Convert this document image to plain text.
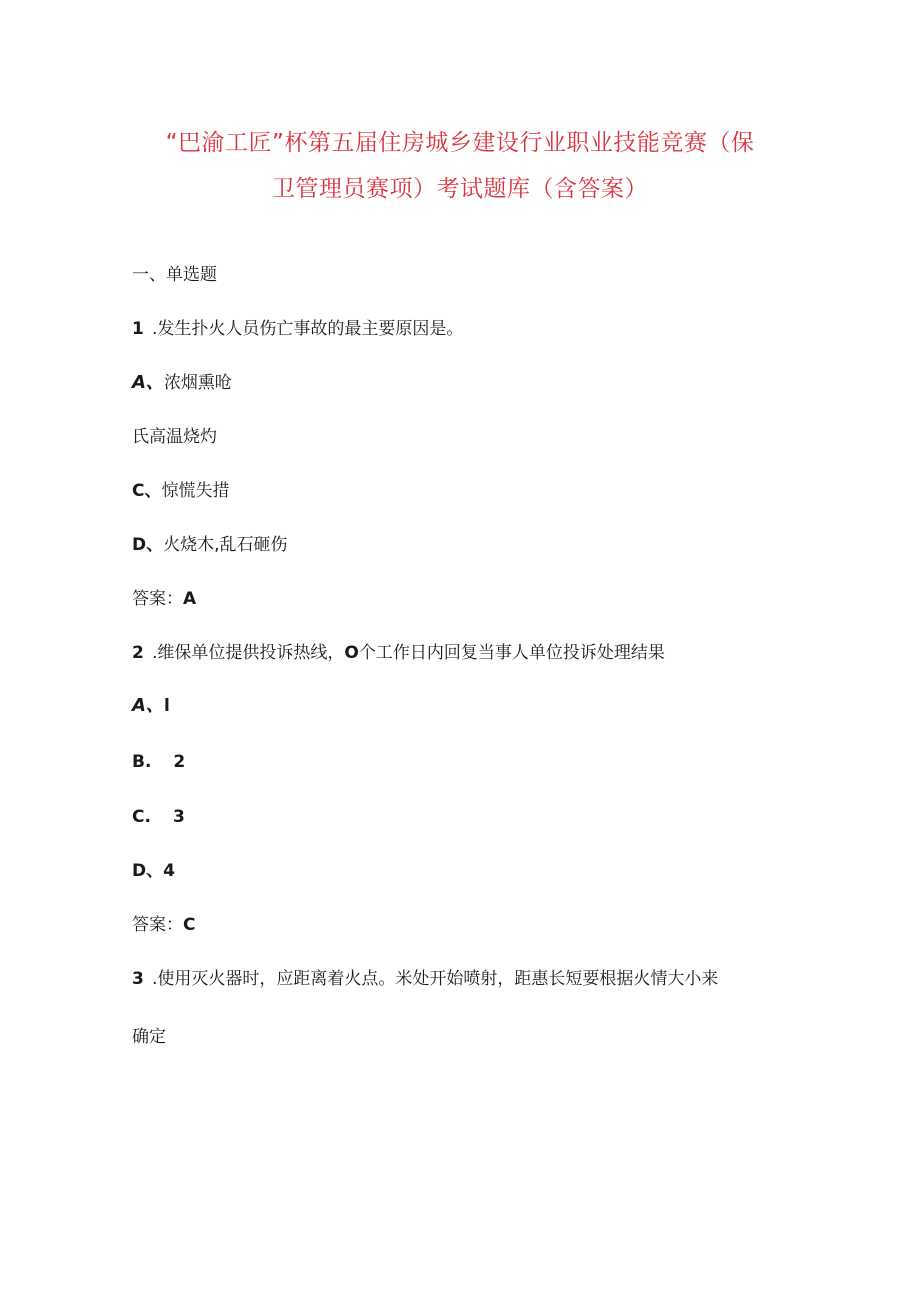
“巴渝工匠”杯第五届住房城乡建设行业职业技能竞赛（保
卫管理员赛项）考试题库（含答案）
一、单选题
1 .发生扑火人员伤亡事故的最主要原因是。
A、浓烟熏呛
氏高温烧灼
C、惊慌失措
D、火烧木,乱石砸伤
答案：A
2 .维保单位提供投诉热线，O个工作日内回复当事人单位投诉处理结果
A、l
B. 2
C. 3
D、4
答案：C
3 .使用灭火器时，应距离着火点。米处开始喷射，距惠长短要根据火情大小来
确定
